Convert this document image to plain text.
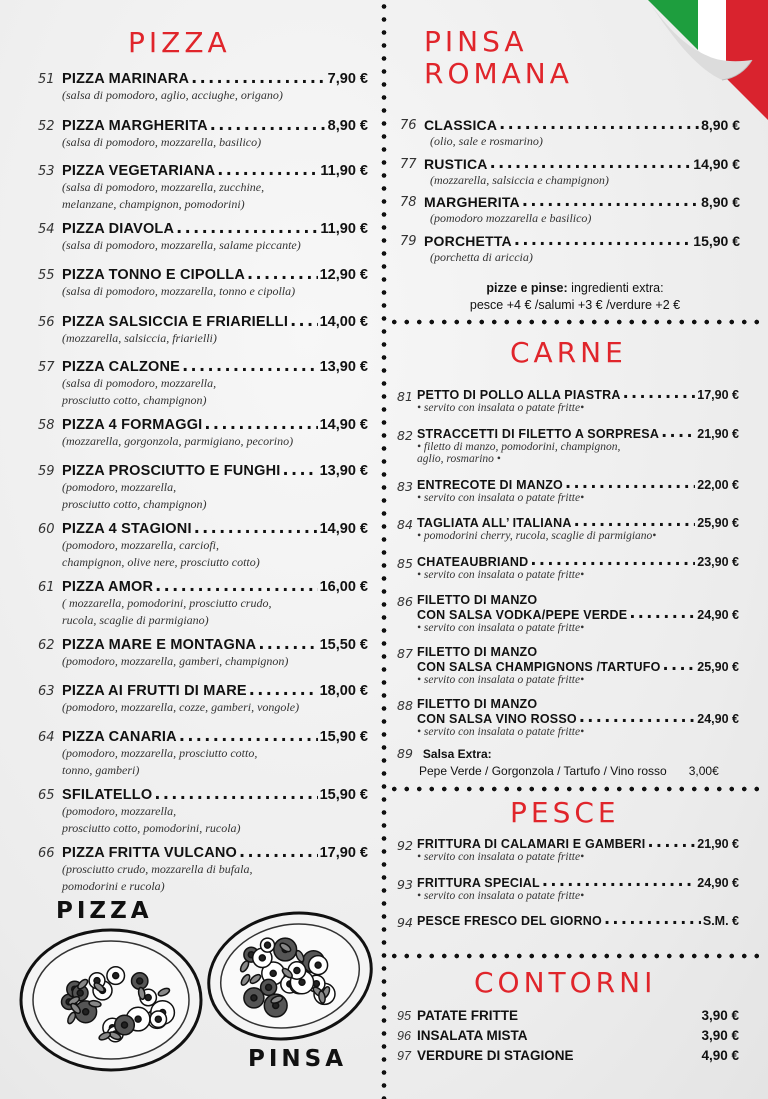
PIZZA	PINSA
ROMANA
CARNE
PESCE
CONTORNI
51 PIZZA MARINARA .....	7,90 €
(salsa di pomodoro, aglio, acciughe, origano)
52 PIZZA MARGHERITA .....	8,90 €
(salsa di pomodoro, mozzarella, basilico)
53 PIZZA VEGETARIANA .....	11,90 €
(salsa di pomodoro, mozzarella, zucchine,
melanzane, champignon, pomodorini)
54 PIZZA DIAVOLA .....	11,90 €
(salsa di pomodoro, mozzarella, salame piccante)
55 PIZZA TONNO E CIPOLLA .....	12,90 €
(salsa di pomodoro, mozzarella, tonno e cipolla)
56 PIZZA SALSICCIA E FRIARIELLI ..... 14,00 €
(mozzarella, salsiccia, friarielli)
57 PIZZA CALZONE .....	13,90 €
(salsa di pomodoro, mozzarella,
prosciutto cotto, champignon)
58 PIZZA 4 FORMAGGI .....	14,90 €
(mozzarella, gorgonzola, parmigiano, pecorino)
59 PIZZA PROSCIUTTO E FUNGHI .....	13,90 €
(pomodoro, mozzarella,
prosciutto cotto, champignon)
60 PIZZA 4 STAGIONI .....	14,90 €
(pomodoro, mozzarella, carciofi,
champignon, olive nere, prosciutto cotto)
61 PIZZA AMOR .....	16,00 €
( mozzarella, pomodorini, prosciutto crudo,
rucola, scaglie di parmigiano)
62 PIZZA MARE E MONTAGNA .....	15,50 €
(pomodoro, mozzarella, gamberi, champignon)
63 PIZZA AI FRUTTI DI MARE .....	18,00 €
(pomodoro, mozzarella, cozze, gamberi, vongole)
64 PIZZA CANARIA .....	15,90 €
(pomodoro, mozzarella, prosciutto cotto,
tonno, gamberi)
65 SFILATELLO .....	15,90 €
(pomodoro, mozzarella,
prosciutto cotto, pomodorini, rucola)
66 PIZZA FRITTA VULCANO .....	17,90 €
(prosciutto crudo, mozzarella di bufala,
pomodorini e rucola)
76 CLASSICA .....	8,90 €
(olio, sale e rosmarino)
77 RUSTICA .....	14,90 €
(mozzarella, salsiccia e champignon)
78 MARGHERITA .....	8,90 €
(pomodoro mozzarella e basilico)
79 PORCHETTA .....	15,90 €
(porchetta di ariccia)
pizze e pinse: ingredienti extra:
pesce +4 € /salumi +3 € /verdure +2 €
81 PETTO DI POLLO ALLA PIASTRA .....	17,90 €
• servito con insalata o patate fritte•
82 STRACCETTI DI FILETTO A SORPRESA .....	21,90 €
• filetto di manzo, pomodorini, champignon,
aglio, rosmarino •
83 ENTRECOTE DI MANZO .....	22,00 €
• servito con insalata o patate fritte•
84 TAGLIATA ALL’ ITALIANA .....	25,90 €
• pomodorini cherry, rucola, scaglie di parmigiano•
85 CHATEAUBRIAND .....	23,90 €
• servito con insalata o patate fritte•
86 FILETTO DI MANZO
CON SALSA VODKA/PEPE VERDE .....	24,90 €
• servito con insalata o patate fritte•
87 FILETTO DI MANZO
CON SALSA CHAMPIGNONS /TARTUFO .....	25,90 €
• servito con insalata o patate fritte•
88 FILETTO DI MANZO
CON SALSA VINO ROSSO .....	24,90 €
• servito con insalata o patate fritte•
89 Salsa Extra:
Pepe Verde / Gorgonzola / Tartufo / Vino rosso 3,00€
92 FRITTURA DI CALAMARI E GAMBERI .....	21,90 €
• servito con insalata o patate fritte•
93 FRITTURA SPECIAL .....	24,90 €
• servito con insalata o patate fritte•
94 PESCE FRESCO DEL GIORNO .....	S.M. €
95 PATATE FRITTE	3,90 €
96 INSALATA MISTA	3,90 €
97 VERDURE DI STAGIONE	4,90 €
PIZZA
PINSA
